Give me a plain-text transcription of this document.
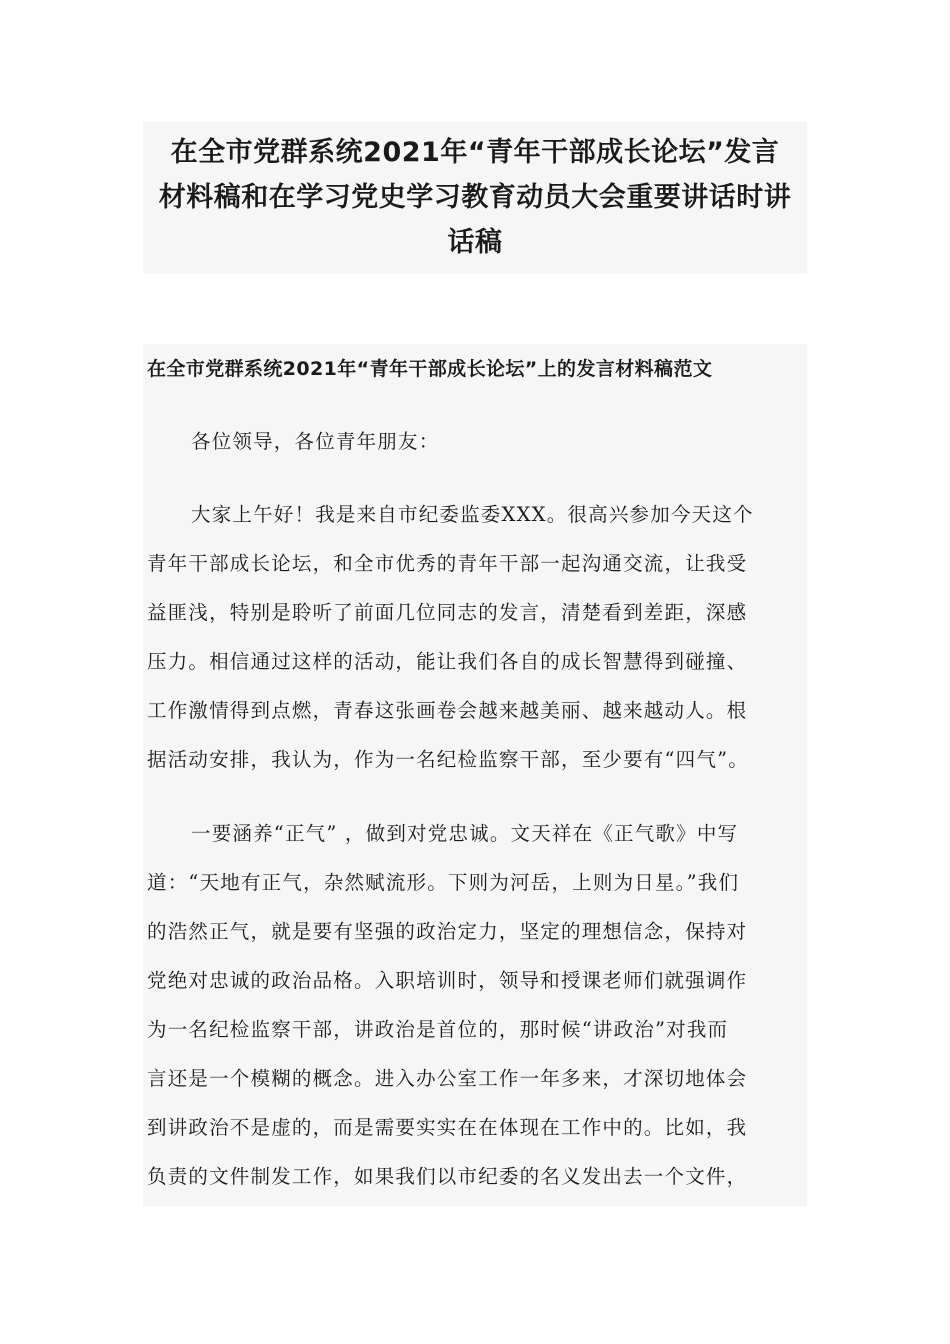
在全市党群系统2021年“青年干部成长论坛”发言
材料稿和在学习党史学习教育动员大会重要讲话时讲
话稿
在全市党群系统2021年“青年干部成长论坛”上的发言材料稿范文
各位领导，各位青年朋友：
大家上午好！我是来自市纪委监委XXX。很高兴参加今天这个
青年干部成长论坛，和全市优秀的青年干部一起沟通交流，让我受
益匪浅，特别是聆听了前面几位同志的发言，清楚看到差距，深感
压力。相信通过这样的活动，能让我们各自的成长智慧得到碰撞、
工作激情得到点燃，青春这张画卷会越来越美丽、越来越动人。根
据活动安排，我认为，作为一名纪检监察干部，至少要有“四气”。
一要涵养“正气” ，做到对党忠诚。文天祥在《正气歌》中写
道：“天地有正气，杂然赋流形。下则为河岳，上则为日星。”我们
的浩然正气，就是要有坚强的政治定力，坚定的理想信念，保持对
党绝对忠诚的政治品格。入职培训时，领导和授课老师们就强调作
为一名纪检监察干部，讲政治是首位的，那时候“讲政治”对我而
言还是一个模糊的概念。进入办公室工作一年多来，才深切地体会
到讲政治不是虚的，而是需要实实在在体现在工作中的。比如，我
负责的文件制发工作，如果我们以市纪委的名义发出去一个文件，
